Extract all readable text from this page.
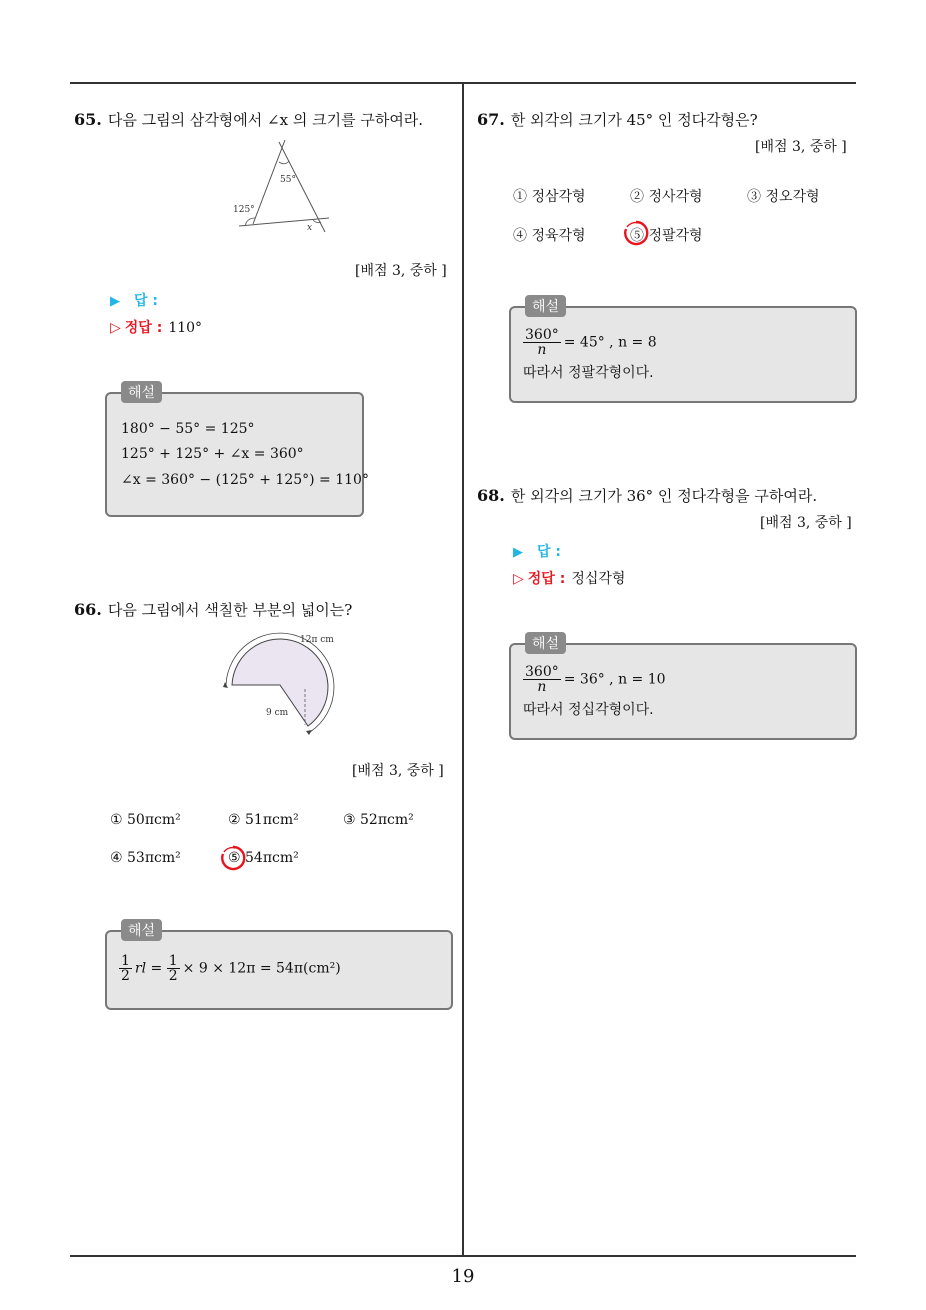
65. 다음 그림의 삼각형에서 ∠x 의 크기를 구하여라.
55°
125°
x
[배점 3, 중하 ]
▶ 답 :
▷ 정답 : 110°
해설
180° − 55° = 125°
125° + 125° + ∠x = 360°
∠x = 360° − (125° + 125°) = 110°
66. 다음 그림에서 색칠한 부분의 넓이는?
12π cm
9 cm
[배점 3, 중하 ]
① 50πcm²	② 51πcm²	③ 52πcm²
④ 53πcm²	⑤ 54πcm²
해설
$\frac{1}{2}$ rl = $\frac{1}{2} \times 9 \times 12\pi = 54\pi(cm^2)$
67. 한 외각의 크기가 45° 인 정다각형은?
[배점 3, 중하 ]
① 정삼각형	② 정사각형	③ 정오각형
④ 정육각형	⑤ 정팔각형
해설
$\frac{360^\circ}{n} = 45^\circ$ , n = 8
따라서 정팔각형이다.
68. 한 외각의 크기가 36° 인 정다각형을 구하여라.
[배점 3, 중하 ]
▶ 답 :
▷ 정답 : 정십각형
해설
$\frac{360^\circ}{n} = 36^\circ$ , n = 10
따라서 정십각형이다.
19
